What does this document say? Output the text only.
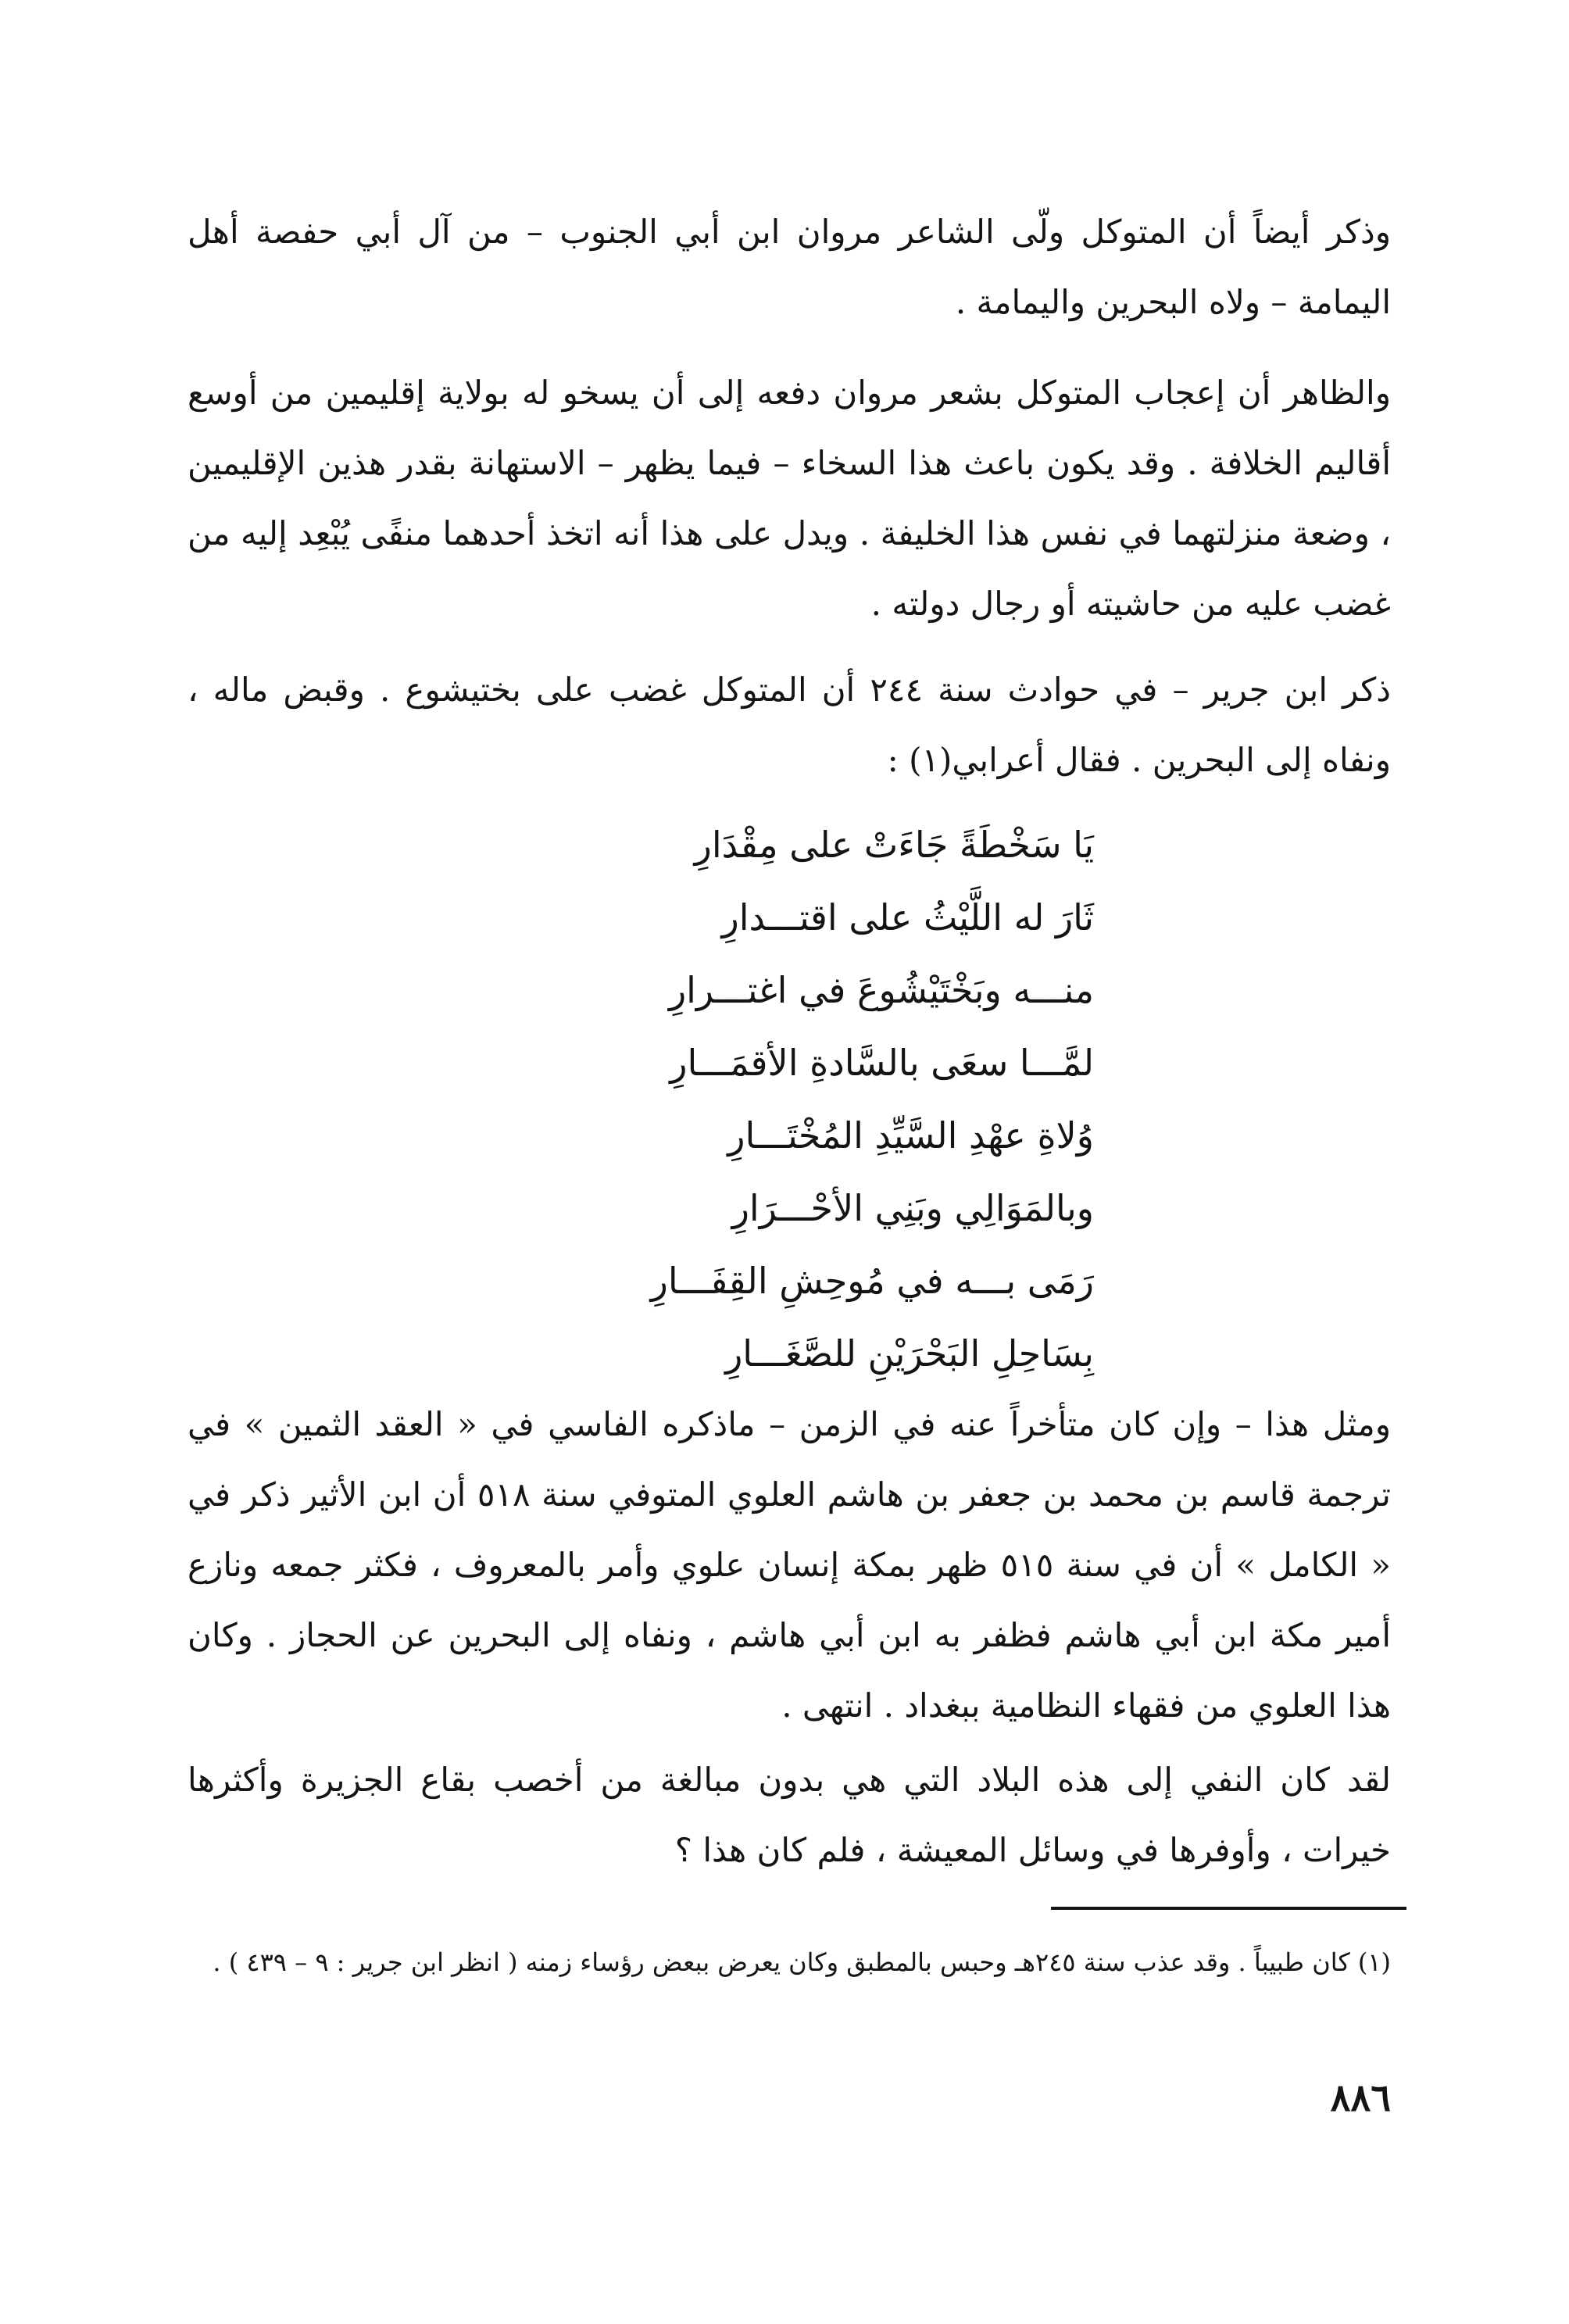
وذكر أيضاً أن المتوكل ولّى الشاعر مروان ابن أبي الجنوب – من آل أبي حفصة أهل اليمامة – ولاه البحرين واليمامة .

والظاهر أن إعجاب المتوكل بشعر مروان دفعه إلى أن يسخو له بولاية إقليمين من أوسع أقاليم الخلافة . وقد يكون باعث هذا السخاء – فيما يظهر – الاستهانة بقدر هذين الإقليمين ، وضعة منزلتهما في نفس هذا الخليفة . ويدل على هذا أنه اتخذ أحدهما منفًى يُبْعِد إليه من غضب عليه من حاشيته أو رجال دولته .

ذكر ابن جرير – في حوادث سنة ٢٤٤ أن المتوكل غضب على بختيشوع . وقبض ماله ، ونفاه إلى البحرين . فقال أعرابي(١) :

يَا سَخْطَةً جَاءَتْ على مِقْدَارِ
ثَارَ له اللَّيْثُ على اقتـــدارِ
منـــه وبَخْتَيْشُوعَ في اغتـــرارِ
لمَّـــا سعَى بالسَّادةِ الأقمَـــارِ
وُلاةِ عهْدِ السَّيِّدِ المُخْتَـــارِ
وبالمَوَالِي وبَنِي الأحْـــرَارِ
رَمَى بـــه في مُوحِشِ القِفَـــارِ
بِسَاحِلِ البَحْرَيْنِ للصَّغَـــارِ

ومثل هذا – وإن كان متأخراً عنه في الزمن – ماذكره الفاسي في « العقد الثمين » في ترجمة قاسم بن محمد بن جعفر بن هاشم العلوي المتوفي سنة ٥١٨ أن ابن الأثير ذكر في « الكامل » أن في سنة ٥١٥ ظهر بمكة إنسان علوي وأمر بالمعروف ، فكثر جمعه ونازع أمير مكة ابن أبي هاشم فظفر به ابن أبي هاشم ، ونفاه إلى البحرين عن الحجاز . وكان هذا العلوي من فقهاء النظامية ببغداد . انتهى .

لقد كان النفي إلى هذه البلاد التي هي بدون مبالغة من أخصب بقاع الجزيرة وأكثرها خيرات ، وأوفرها في وسائل المعيشة ، فلم كان هذا ؟

(١) كان طبيباً . وقد عذب سنة ٢٤٥هـ وحبس بالمطبق وكان يعرض ببعض رؤساء زمنه ( انظر ابن جرير : ٩ – ٤٣٩ ) .

٨٨٦
